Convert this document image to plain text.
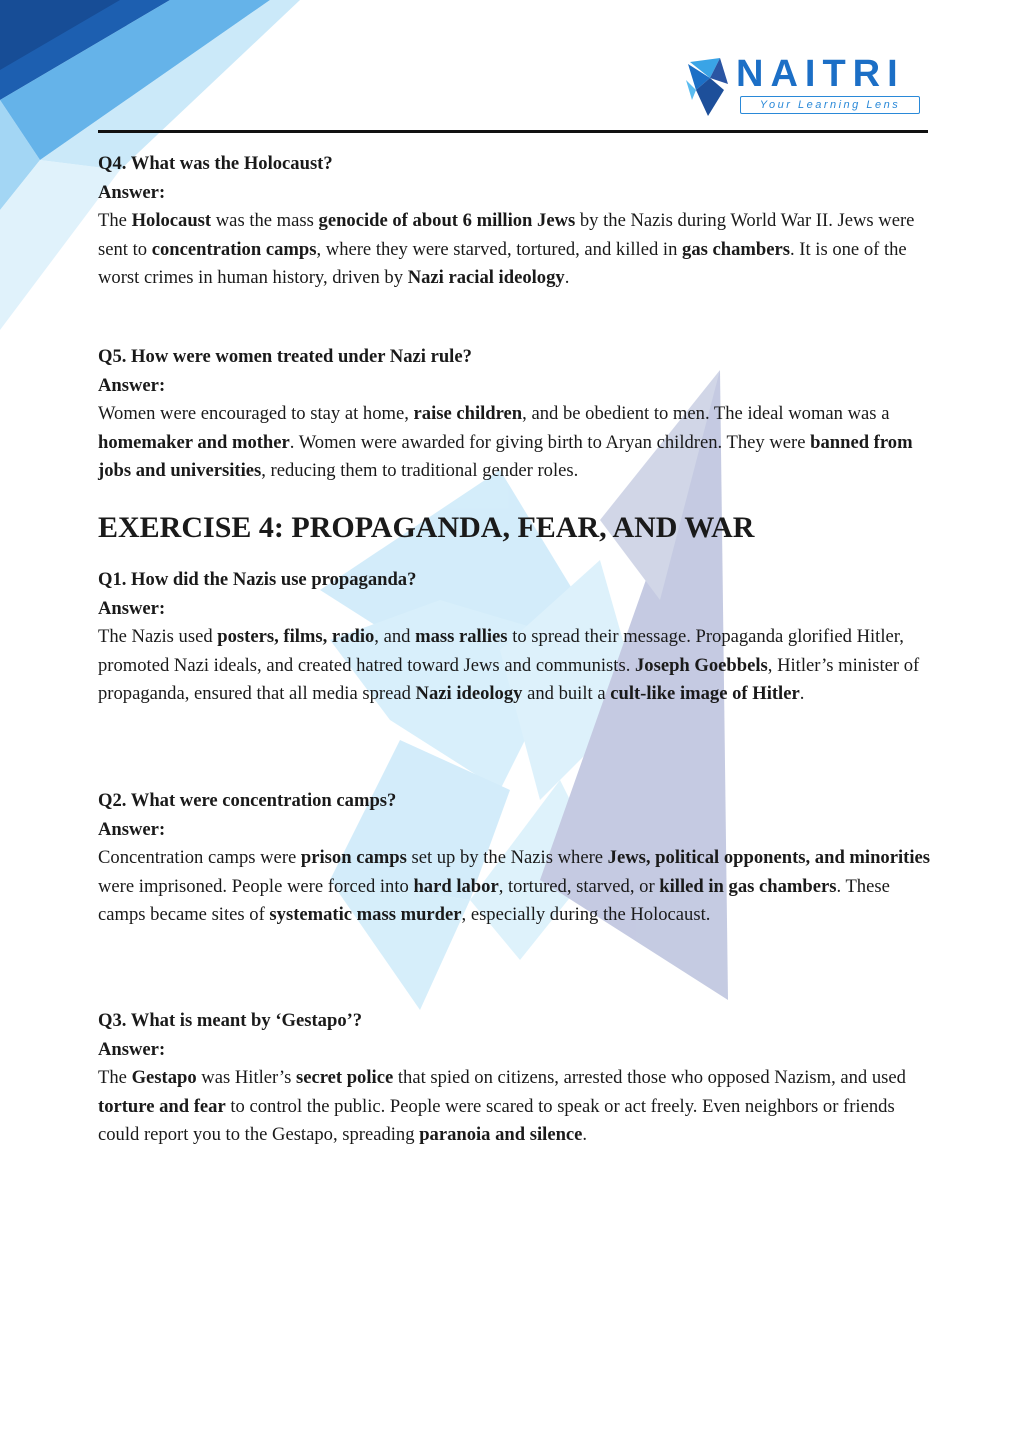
NAITRI
Your Learning Lens

Q4. What was the Holocaust?

Answer:

The Holocaust was the mass genocide of about 6 million Jews by the Nazis during World War II. Jews were sent to concentration camps, where they were starved, tortured, and killed in gas chambers. It is one of the worst crimes in human history, driven by Nazi racial ideology.

Q5. How were women treated under Nazi rule?

Answer:

Women were encouraged to stay at home, raise children, and be obedient to men. The ideal woman was a homemaker and mother. Women were awarded for giving birth to Aryan children. They were banned from jobs and universities, reducing them to traditional gender roles.

EXERCISE 4: PROPAGANDA, FEAR, AND WAR

Q1. How did the Nazis use propaganda?

Answer:

The Nazis used posters, films, radio, and mass rallies to spread their message. Propaganda glorified Hitler, promoted Nazi ideals, and created hatred toward Jews and communists. Joseph Goebbels, Hitler’s minister of propaganda, ensured that all media spread Nazi ideology and built a cult-like image of Hitler.

Q2. What were concentration camps?

Answer:

Concentration camps were prison camps set up by the Nazis where Jews, political opponents, and minorities were imprisoned. People were forced into hard labor, tortured, starved, or killed in gas chambers. These camps became sites of systematic mass murder, especially during the Holocaust.

Q3. What is meant by ‘Gestapo’?

Answer:

The Gestapo was Hitler’s secret police that spied on citizens, arrested those who opposed Nazism, and used torture and fear to control the public. People were scared to speak or act freely. Even neighbors or friends could report you to the Gestapo, spreading paranoia and silence.
